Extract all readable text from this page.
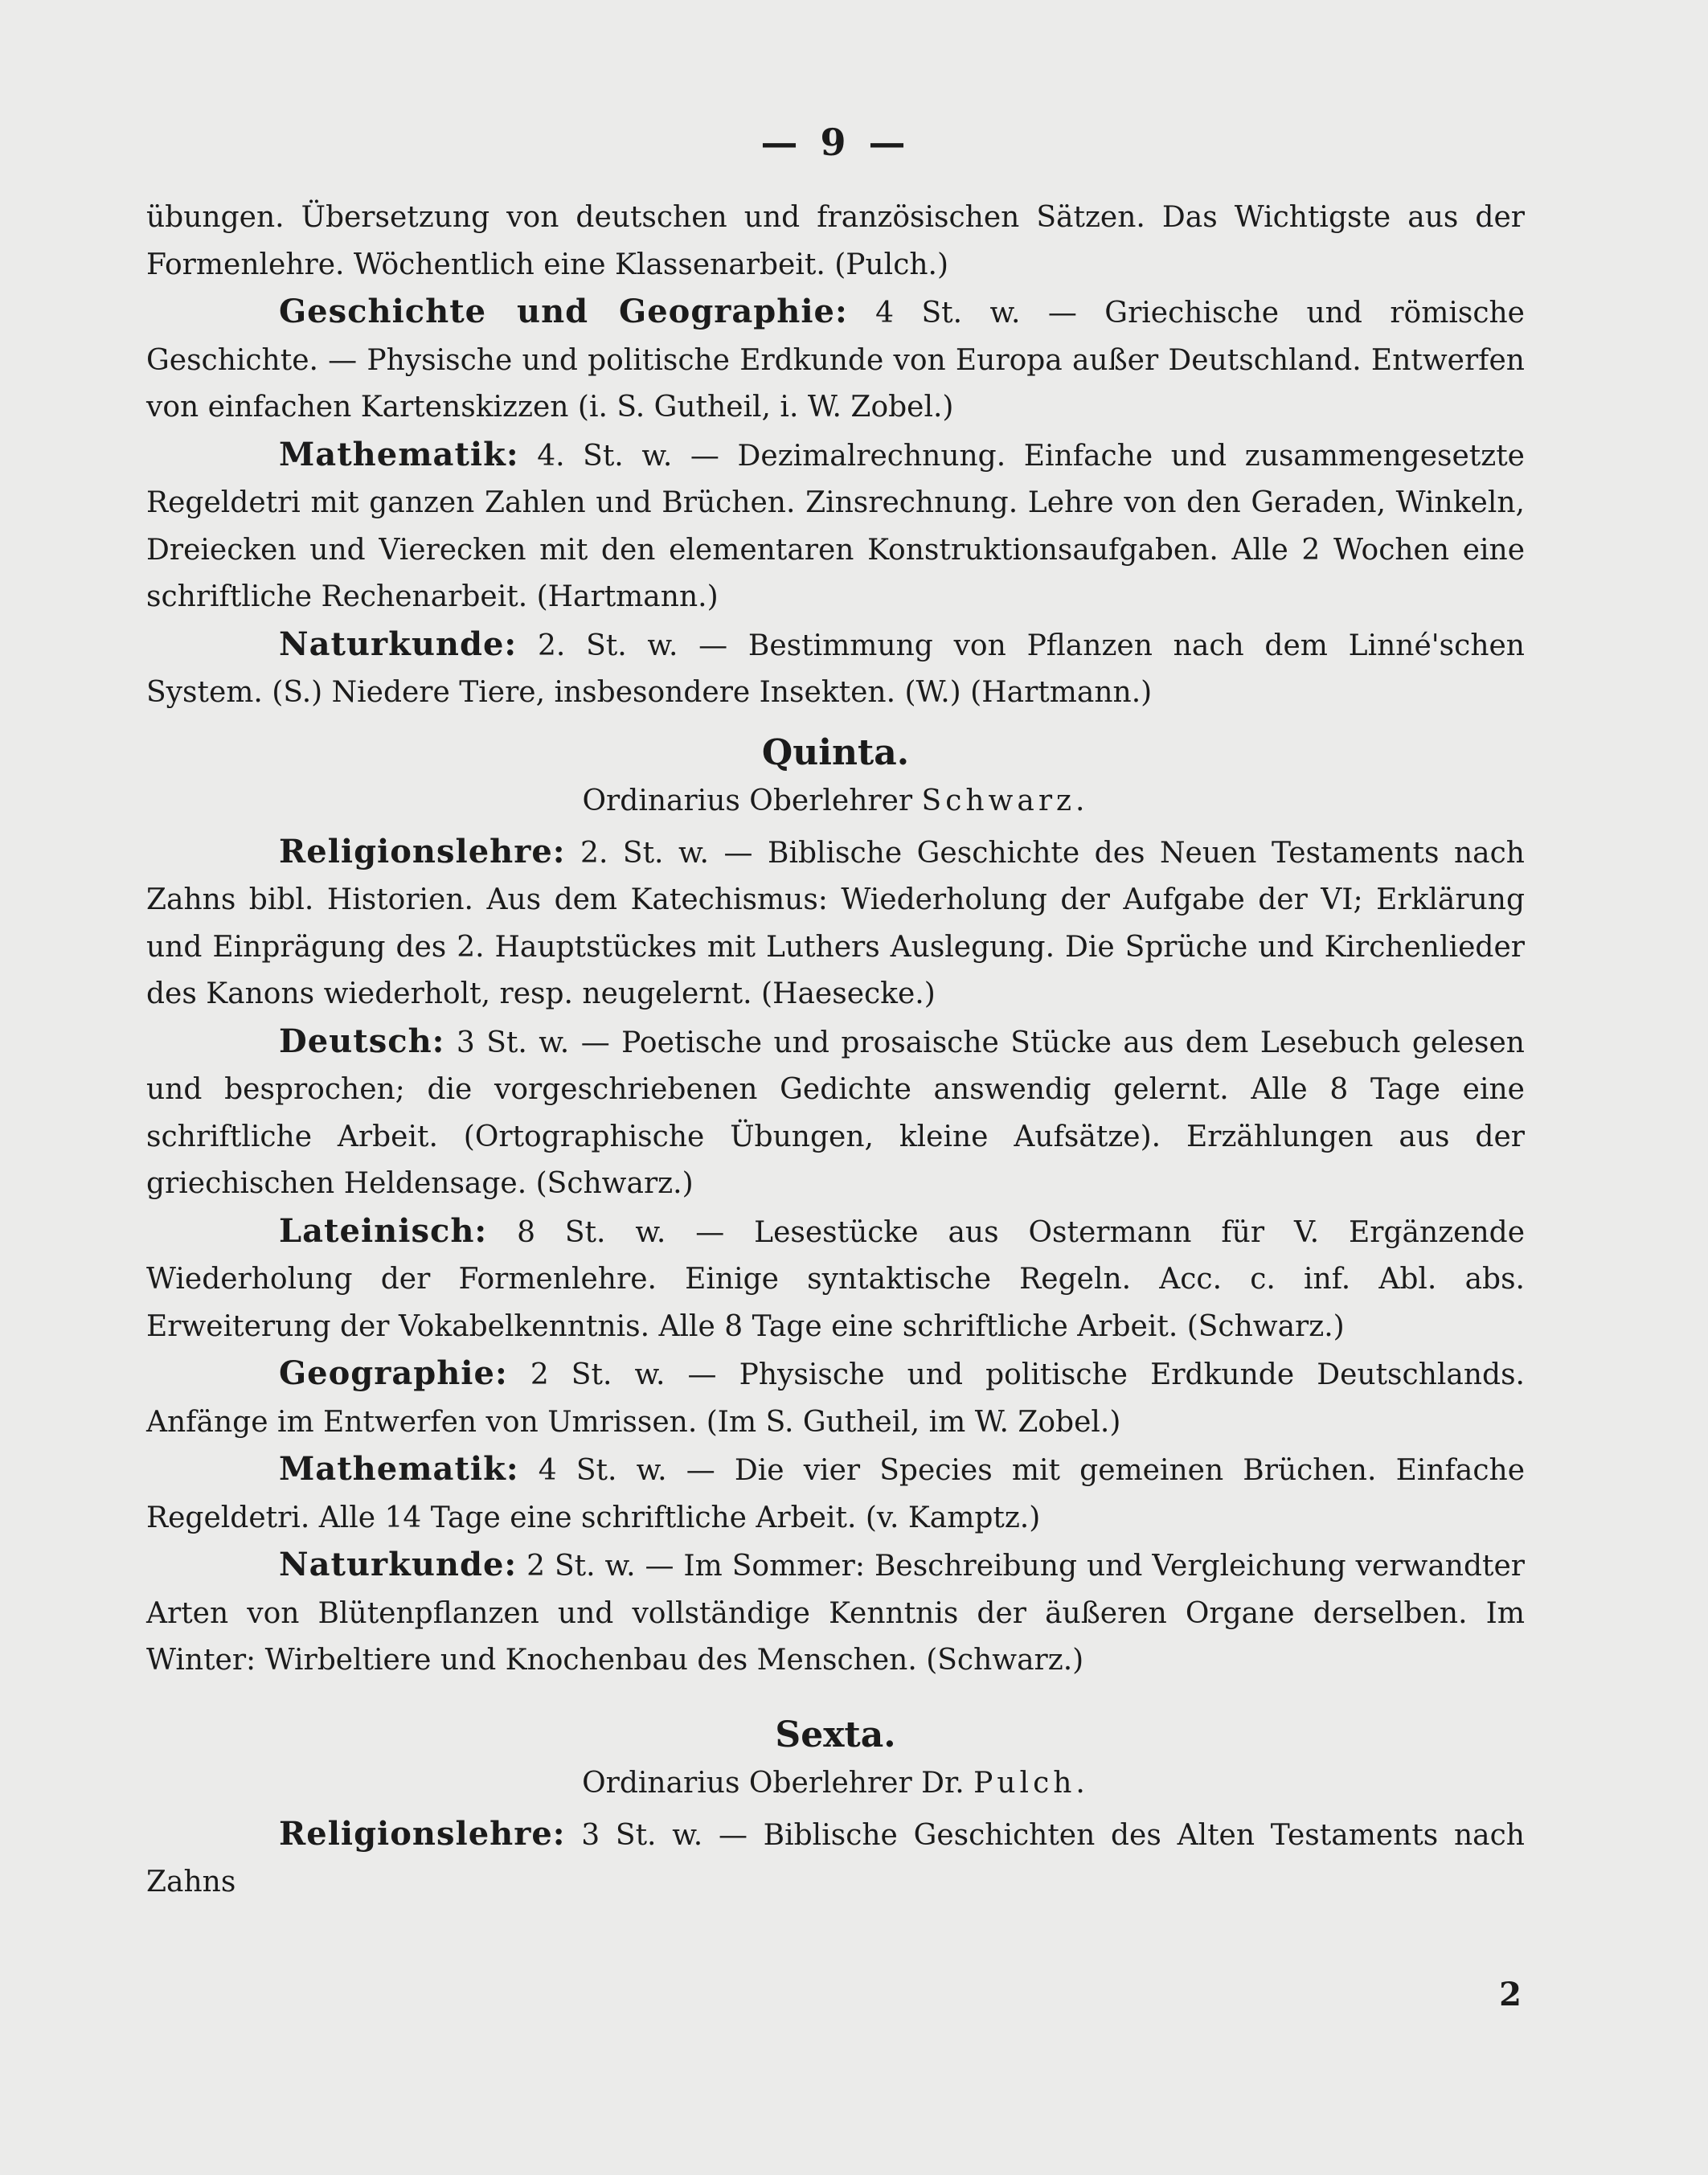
— 9 —

übungen. Übersetzung von deutschen und französischen Sätzen. Das Wichtigste aus der Formenlehre. Wöchentlich eine Klassenarbeit. (Pulch.)

Geschichte und Geographie: 4 St. w. — Griechische und römische Geschichte. — Physische und politische Erdkunde von Europa außer Deutschland. Entwerfen von einfachen Kartenskizzen (i. S. Gutheil, i. W. Zobel.)

Mathematik: 4. St. w. — Dezimalrechnung. Einfache und zusammengesetzte Regeldetri mit ganzen Zahlen und Brüchen. Zinsrechnung. Lehre von den Geraden, Winkeln, Dreiecken und Vierecken mit den elementaren Konstruktionsaufgaben. Alle 2 Wochen eine schriftliche Rechenarbeit. (Hartmann.)

Naturkunde: 2. St. w. — Bestimmung von Pflanzen nach dem Linné'schen System. (S.) Niedere Tiere, insbesondere Insekten. (W.) (Hartmann.)

Quinta.
Ordinarius Oberlehrer Schwarz.

Religionslehre: 2. St. w. — Biblische Geschichte des Neuen Testaments nach Zahns bibl. Historien. Aus dem Katechismus: Wiederholung der Aufgabe der VI; Erklärung und Einprägung des 2. Hauptstückes mit Luthers Auslegung. Die Sprüche und Kirchenlieder des Kanons wiederholt, resp. neugelernt. (Haesecke.)

Deutsch: 3 St. w. — Poetische und prosaische Stücke aus dem Lesebuch gelesen und besprochen; die vorgeschriebenen Gedichte answendig gelernt. Alle 8 Tage eine schriftliche Arbeit. (Ortographische Übungen, kleine Aufsätze). Erzählungen aus der griechischen Heldensage. (Schwarz.)

Lateinisch: 8 St. w. — Lesestücke aus Ostermann für V. Ergänzende Wiederholung der Formenlehre. Einige syntaktische Regeln. Acc. c. inf. Abl. abs. Erweiterung der Vokabelkenntnis. Alle 8 Tage eine schriftliche Arbeit. (Schwarz.)

Geographie: 2 St. w. — Physische und politische Erdkunde Deutschlands. Anfänge im Entwerfen von Umrissen. (Im S. Gutheil, im W. Zobel.)

Mathematik: 4 St. w. — Die vier Species mit gemeinen Brüchen. Einfache Regeldetri. Alle 14 Tage eine schriftliche Arbeit. (v. Kamptz.)

Naturkunde: 2 St. w. — Im Sommer: Beschreibung und Vergleichung verwandter Arten von Blütenpflanzen und vollständige Kenntnis der äußeren Organe derselben. Im Winter: Wirbeltiere und Knochenbau des Menschen. (Schwarz.)

Sexta.
Ordinarius Oberlehrer Dr. Pulch.

Religionslehre: 3 St. w. — Biblische Geschichten des Alten Testaments nach Zahns

2
